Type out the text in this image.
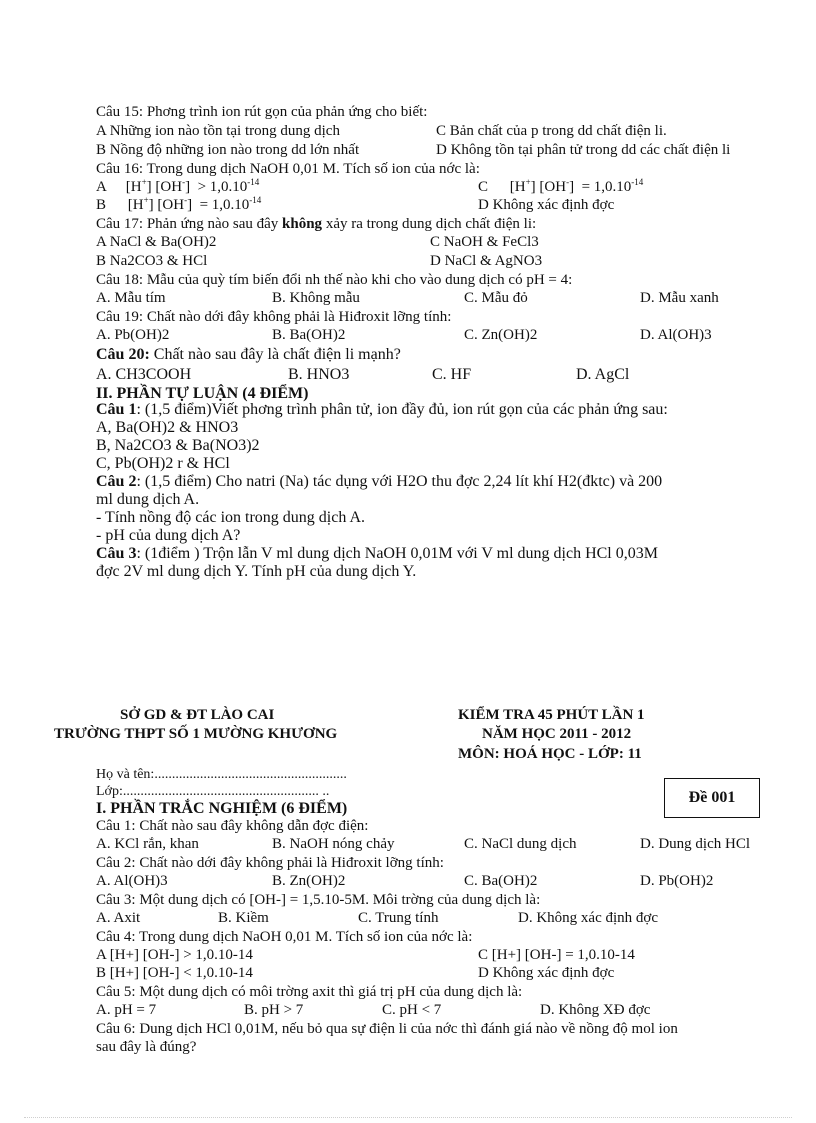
Câu 15: Phơng trình ion rút gọn của phản ứng cho biết:
A Những ion nào tồn tại trong dung dịch	C Bản chất của p trong dd chất điện li.
B Nồng độ những ion nào trong dd lớn nhất	D Không tồn tại phân tử trong dd các chất điện li
Câu 16: Trong dung dịch NaOH 0,01 M. Tích số ion của nớc là:
A [H+] $[OH^-] > 1,0.10^{-14}$	C [H+] $[OH^-] = 1,0.10^{-14}$
B [H+] $[OH^-] = 1,0.10^{-14}$	D Không xác định đợc
Câu 17: Phản ứng nào sau đây không xảy ra trong dung dịch chất điện li:
A NaCl & Ba(OH)2	C NaOH & FeCl3
B Na2CO3 & HCl	D NaCl & AgNO3
Câu 18: Mẫu của quỳ tím biến đổi nh thế nào khi cho vào dung dịch có pH = 4:
A. Mẫu tím	B. Không mẫu	C. Mẫu đỏ	D. Mẫu xanh
Câu 19: Chất nào dới đây không phải là Hiđroxit lỡng tính:
A. Pb(OH)2	B. Ba(OH)2	C. Zn(OH)2	D. Al(OH)3
Câu 20: Chất nào sau đây là chất điện li mạnh?
A. CH3COOH	B. HNO3	C. HF	D. AgCl
II. PHẦN TỰ LUẬN (4 ĐIỂM)
Câu 1: (1,5 điểm)Viết phơng trình phân tử, ion đầy đủ, ion rút gọn của các phản ứng sau:
A, Ba(OH)2 & HNO3
B, Na2CO3 & Ba(NO3)2
C, Pb(OH)2 r & HCl
Câu 2: (1,5 điểm) Cho natri (Na) tác dụng với H2O thu đợc 2,24 lít khí H2(đktc) và 200
ml dung dịch A.
- Tính nồng độ các ion trong dung dịch A.
- pH của dung dịch A?
Câu 3: (1điểm ) Trộn lẫn V ml dung dịch NaOH 0,01M với V ml dung dịch HCl 0,03M
đợc 2V ml dung dịch Y. Tính pH của dung dịch Y.
SỞ GD & ĐT LÀO CAI
TRƯỜNG THPT SỐ 1 MƯỜNG KHƯƠNG
KIỂM TRA 45 PHÚT LẦN 1
NĂM HỌC 2011 - 2012
MÔN: HOÁ HỌC - LỚP: 11
Họ và tên:.......................................................
Lớp:........................................................ ..	Đề 001
I. PHẦN TRẮC NGHIỆM (6 ĐIỂM)
Câu 1: Chất nào sau đây không dẫn đợc điện:
A. KCl rắn, khan	B. NaOH nóng chảy	C. NaCl dung dịch	D. Dung dịch HCl
Câu 2: Chất nào dới đây không phải là Hiđroxit lỡng tính:
A. Al(OH)3	B. Zn(OH)2	C. Ba(OH)2	D. Pb(OH)2
Câu 3: Một dung dịch có [OH-] = 1,5.10-5M. Môi trờng của dung dịch là:
A. Axit	B. Kiềm	C. Trung tính	D. Không xác định đợc
Câu 4: Trong dung dịch NaOH 0,01 M. Tích số ion của nớc là:
A [H+] [OH-] > 1,0.10-14	C [H+] [OH-] = 1,0.10-14
B [H+] [OH-] < 1,0.10-14	D Không xác định đợc
Câu 5: Một dung dịch có môi trờng axit thì giá trị pH của dung dịch là:
A. pH = 7	B. pH > 7	C. pH < 7	D. Không XĐ đợc
Câu 6: Dung dịch HCl 0,01M, nếu bỏ qua sự điện li của nớc thì đánh giá nào về nồng độ mol ion
sau đây là đúng?
